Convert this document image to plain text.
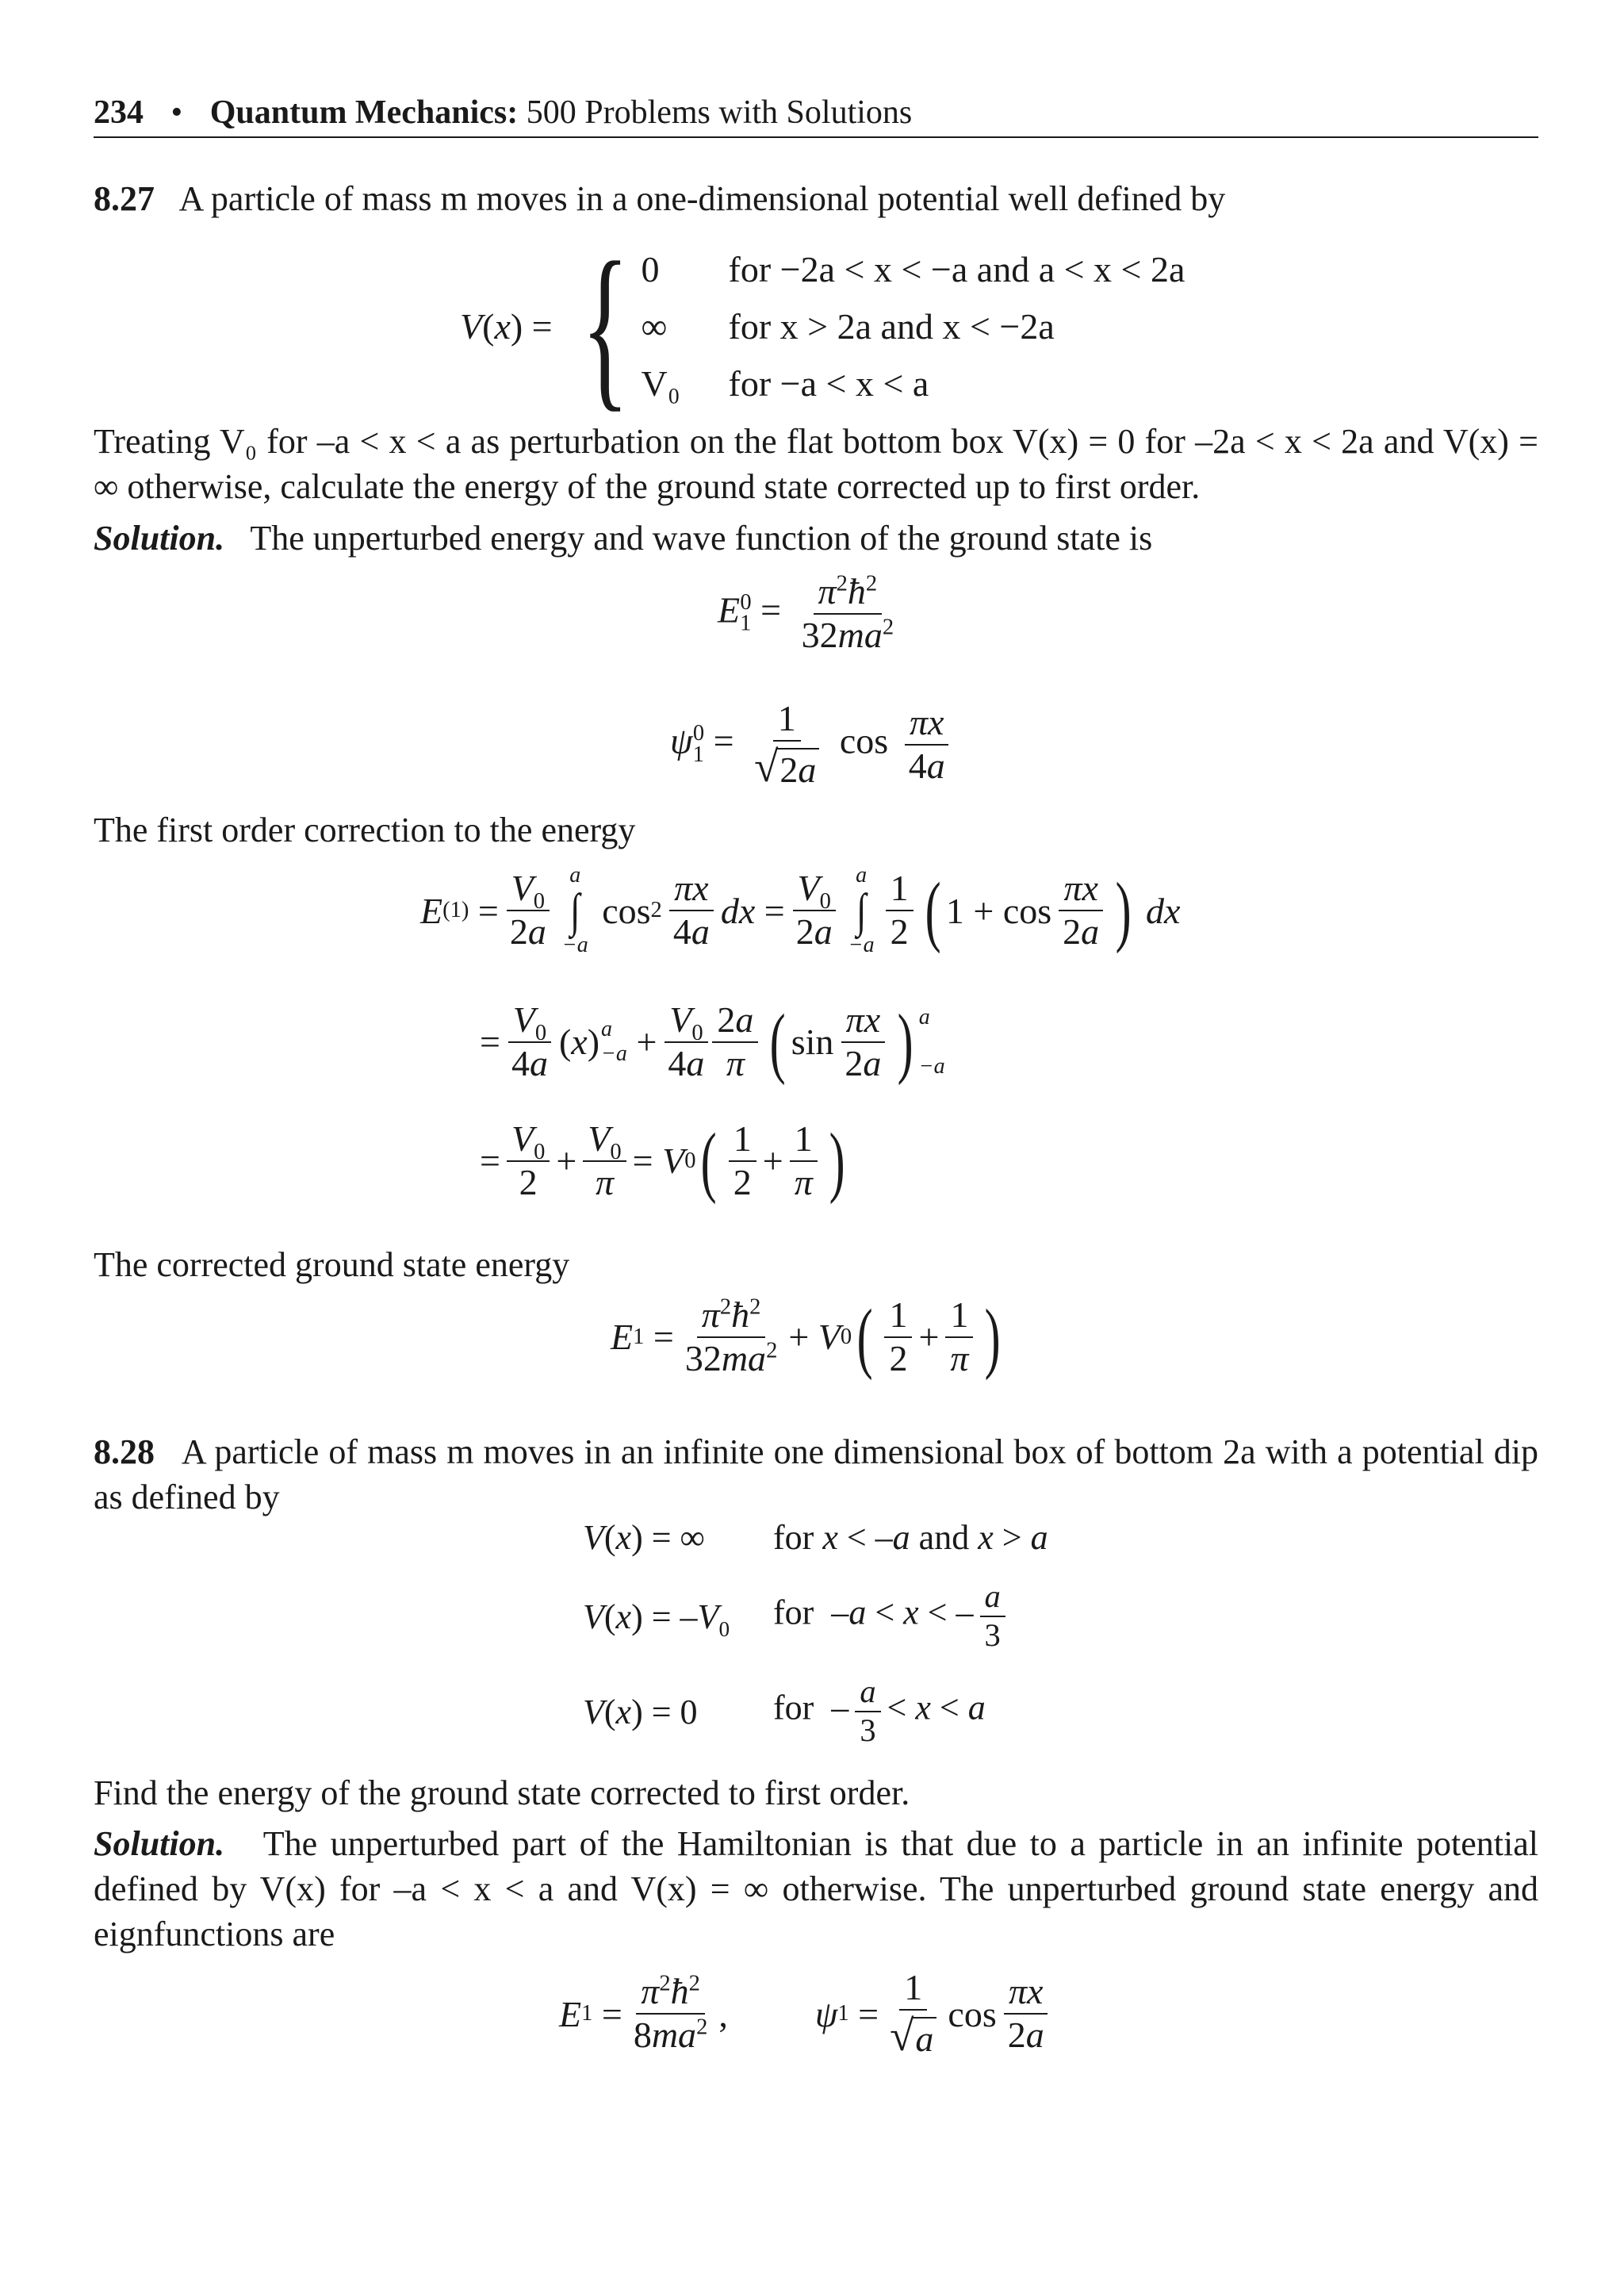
234 • Quantum Mechanics: 500 Problems with Solutions
8.27 A particle of mass m moves in a one-dimensional potential well defined by
V ( x ) = { 0	for −2a < x < −a and a < x < 2a
∞	for x > 2a and x < −2a
V₀ for −a < x < a
Treating V₀ for –a < x < a as perturbation on the flat bottom box V(x) = 0 for –2a < x < 2a and V(x) = ∞ otherwise, calculate the energy of the ground state corrected up to first order.
Solution. The unperturbed energy and wave function of the ground state is
$E_1^0 = \frac{\pi^2ħ^2}{32ma^2}$
$\psi_1^0 = \frac{1}{√ 2a}$ $\cos \frac{\pi x}{4a}$
The first order correction to the energy
E $(1) = \frac{V_0}{2a}$ a
∫
−a
$\cos 2 \frac{\pi x}{4a}$ dx = $\frac{V_0}{2a}$ a
∫
$-a \frac{1}{2}$ ( $1 + \cos \frac{\pi x}{2a}$ )
dx
= $\frac{V_0}{4a}$ ( x ) a
$-a + \frac{V_0}{4a} \frac{2a}{\pi}$ ( $\sin \frac{\pi x}{2a}$ ) a
−a
= $\frac{V_0}{2} + \frac{V_0}{\pi} = V$ 0 ( $\frac{1}{2} + \frac{1}{\pi}$ )
The corrected ground state energy
E $1 = \frac{\pi^2ħ^2}{32ma^2} + V$ 0 ( $\frac{1}{2} + \frac{1}{\pi}$ )
8.28 A particle of mass m moves in an infinite one dimensional box of bottom 2a with a potential dip as defined by
V(x) = ∞	for x < –a and x > a
$V(x) = -V_0$	for  –a < x < – $\frac{a}{3}$
V(x) = 0	for  – $\frac{a}{3} < x < a$
Find the energy of the ground state corrected to first order.
Solution. The unperturbed part of the Hamiltonian is that due to a particle in an infinite potential defined by V(x) for –a < x < a and V(x) = ∞ otherwise. The unperturbed ground state energy and eignfunctions are
E $1 = \frac{\pi^2ħ^2}{8ma^2}$ , ψ $1 = \frac{1}{√ a}$ $\cos \frac{\pi x}{2a}$
